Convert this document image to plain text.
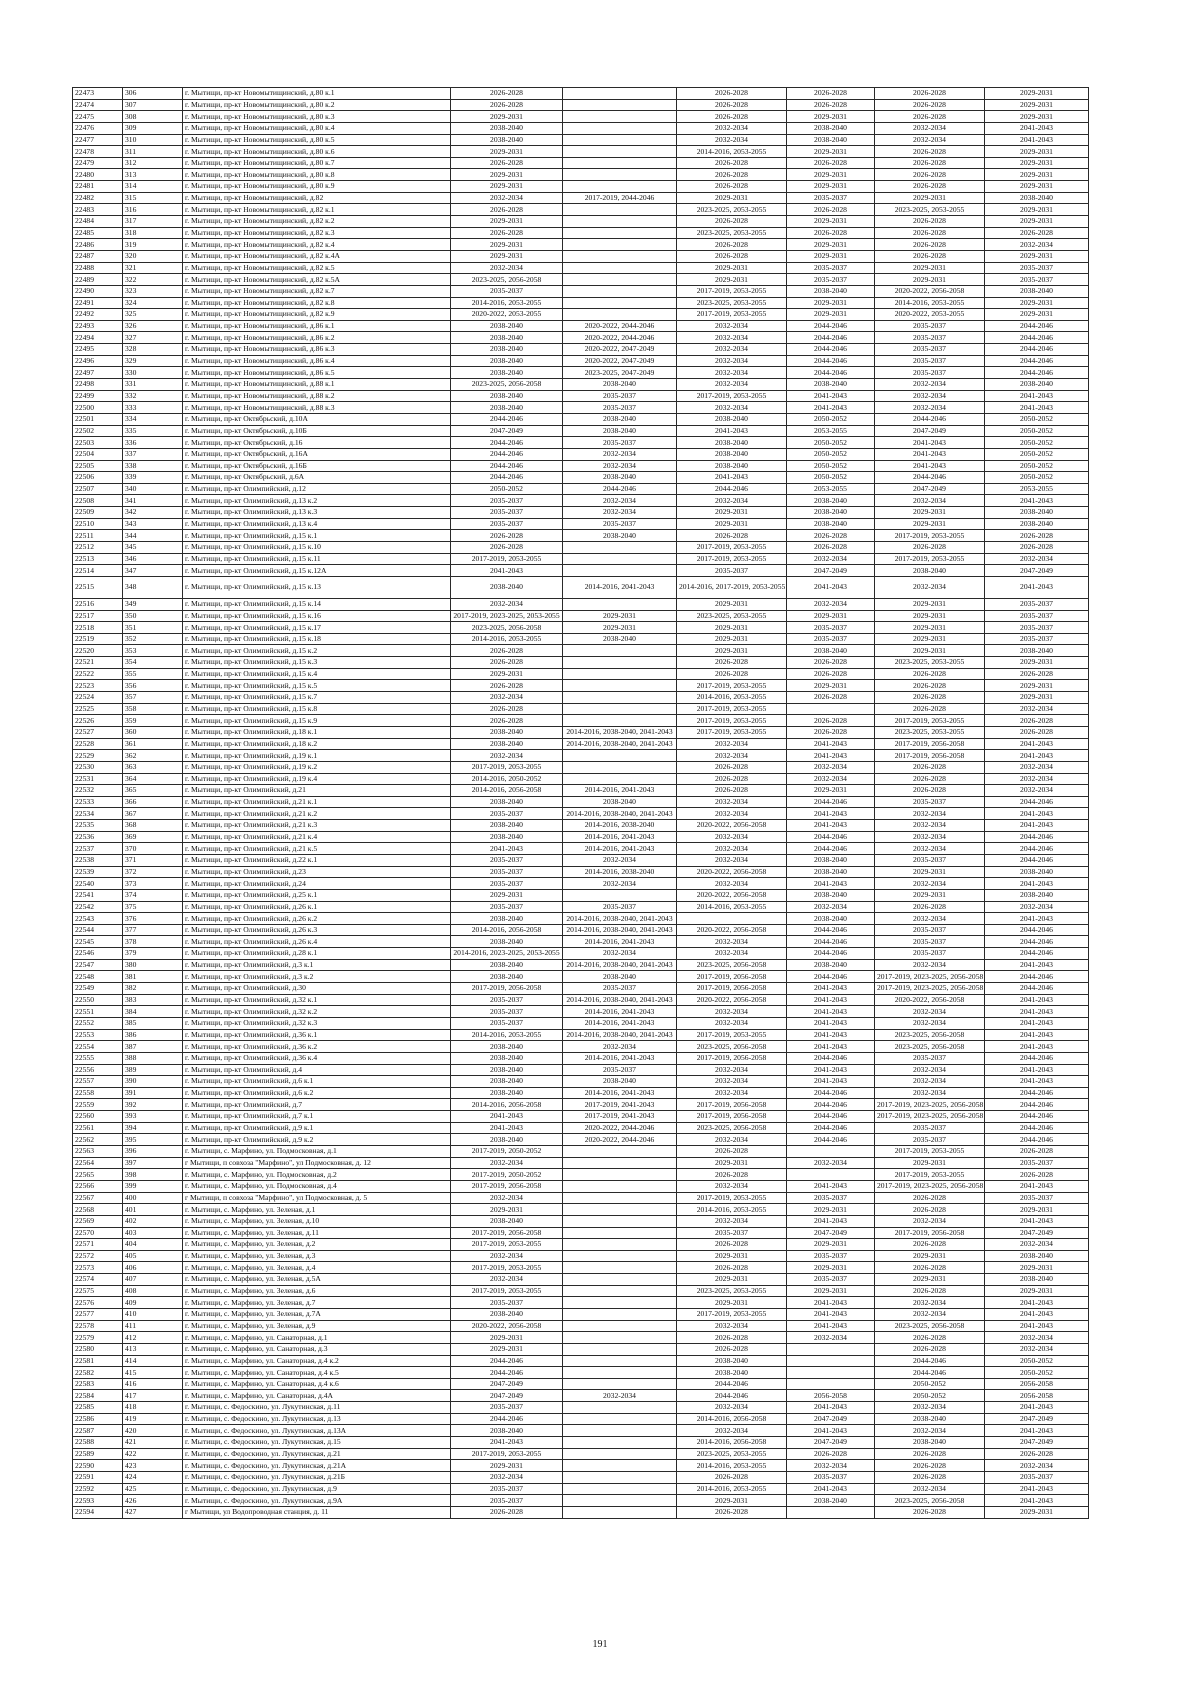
22473	306	г. Мытищи, пр-кт Новомытищинский, д.80 к.1	2026-2028		2026-2028	2026-2028	2026-2028	2029-2031
22474	307	г. Мытищи, пр-кт Новомытищинский, д.80 к.2	2026-2028		2026-2028	2026-2028	2026-2028	2029-2031
22475	308	г. Мытищи, пр-кт Новомытищинский, д.80 к.3	2029-2031		2026-2028	2029-2031	2026-2028	2029-2031
22476	309	г. Мытищи, пр-кт Новомытищинский, д.80 к.4	2038-2040		2032-2034	2038-2040	2032-2034	2041-2043
22477	310	г. Мытищи, пр-кт Новомытищинский, д.80 к.5	2038-2040		2032-2034	2038-2040	2032-2034	2041-2043
22478	311	г. Мытищи, пр-кт Новомытищинский, д.80 к.6	2029-2031		2014-2016, 2053-2055	2029-2031	2026-2028	2029-2031
22479	312	г. Мытищи, пр-кт Новомытищинский, д.80 к.7	2026-2028		2026-2028	2026-2028	2026-2028	2029-2031
22480	313	г. Мытищи, пр-кт Новомытищинский, д.80 к.8	2029-2031		2026-2028	2029-2031	2026-2028	2029-2031
22481	314	г. Мытищи, пр-кт Новомытищинский, д.80 к.9	2029-2031		2026-2028	2029-2031	2026-2028	2029-2031
22482	315	г. Мытищи, пр-кт Новомытищинский, д.82	2032-2034	2017-2019, 2044-2046	2029-2031	2035-2037	2029-2031	2038-2040
22483	316	г. Мытищи, пр-кт Новомытищинский, д.82 к.1	2026-2028		2023-2025, 2053-2055	2026-2028	2023-2025, 2053-2055	2029-2031
22484	317	г. Мытищи, пр-кт Новомытищинский, д.82 к.2	2029-2031		2026-2028	2029-2031	2026-2028	2029-2031
22485	318	г. Мытищи, пр-кт Новомытищинский, д.82 к.3	2026-2028		2023-2025, 2053-2055	2026-2028	2026-2028	2026-2028
22486	319	г. Мытищи, пр-кт Новомытищинский, д.82 к.4	2029-2031		2026-2028	2029-2031	2026-2028	2032-2034
22487	320	г. Мытищи, пр-кт Новомытищинский, д.82 к.4А	2029-2031		2026-2028	2029-2031	2026-2028	2029-2031
22488	321	г. Мытищи, пр-кт Новомытищинский, д.82 к.5	2032-2034		2029-2031	2035-2037	2029-2031	2035-2037
22489	322	г. Мытищи, пр-кт Новомытищинский, д.82 к.5А	2023-2025, 2056-2058		2029-2031	2035-2037	2029-2031	2035-2037
22490	323	г. Мытищи, пр-кт Новомытищинский, д.82 к.7	2035-2037		2017-2019, 2053-2055	2038-2040	2020-2022, 2056-2058	2038-2040
22491	324	г. Мытищи, пр-кт Новомытищинский, д.82 к.8	2014-2016, 2053-2055		2023-2025, 2053-2055	2029-2031	2014-2016, 2053-2055	2029-2031
22492	325	г. Мытищи, пр-кт Новомытищинский, д.82 к.9	2020-2022, 2053-2055		2017-2019, 2053-2055	2029-2031	2020-2022, 2053-2055	2029-2031
22493	326	г. Мытищи, пр-кт Новомытищинский, д.86 к.1	2038-2040	2020-2022, 2044-2046	2032-2034	2044-2046	2035-2037	2044-2046
22494	327	г. Мытищи, пр-кт Новомытищинский, д.86 к.2	2038-2040	2020-2022, 2044-2046	2032-2034	2044-2046	2035-2037	2044-2046
22495	328	г. Мытищи, пр-кт Новомытищинский, д.86 к.3	2038-2040	2020-2022, 2047-2049	2032-2034	2044-2046	2035-2037	2044-2046
22496	329	г. Мытищи, пр-кт Новомытищинский, д.86 к.4	2038-2040	2020-2022, 2047-2049	2032-2034	2044-2046	2035-2037	2044-2046
22497	330	г. Мытищи, пр-кт Новомытищинский, д.86 к.5	2038-2040	2023-2025, 2047-2049	2032-2034	2044-2046	2035-2037	2044-2046
22498	331	г. Мытищи, пр-кт Новомытищинский, д.88 к.1	2023-2025, 2056-2058	2038-2040	2032-2034	2038-2040	2032-2034	2038-2040
22499	332	г. Мытищи, пр-кт Новомытищинский, д.88 к.2	2038-2040	2035-2037	2017-2019, 2053-2055	2041-2043	2032-2034	2041-2043
22500	333	г. Мытищи, пр-кт Новомытищинский, д.88 к.3	2038-2040	2035-2037	2032-2034	2041-2043	2032-2034	2041-2043
22501	334	г. Мытищи, пр-кт Октябрьский, д.10А	2044-2046	2038-2040	2038-2040	2050-2052	2044-2046	2050-2052
22502	335	г. Мытищи, пр-кт Октябрьский, д.10Б	2047-2049	2038-2040	2041-2043	2053-2055	2047-2049	2050-2052
22503	336	г. Мытищи, пр-кт Октябрьский, д.16	2044-2046	2035-2037	2038-2040	2050-2052	2041-2043	2050-2052
22504	337	г. Мытищи, пр-кт Октябрьский, д.16А	2044-2046	2032-2034	2038-2040	2050-2052	2041-2043	2050-2052
22505	338	г. Мытищи, пр-кт Октябрьский, д.16Б	2044-2046	2032-2034	2038-2040	2050-2052	2041-2043	2050-2052
22506	339	г. Мытищи, пр-кт Октябрьский, д.6А	2044-2046	2038-2040	2041-2043	2050-2052	2044-2046	2050-2052
22507	340	г. Мытищи, пр-кт Олимпийский, д.12	2050-2052	2044-2046	2044-2046	2053-2055	2047-2049	2053-2055
22508	341	г. Мытищи, пр-кт Олимпийский, д.13 к.2	2035-2037	2032-2034	2032-2034	2038-2040	2032-2034	2041-2043
22509	342	г. Мытищи, пр-кт Олимпийский, д.13 к.3	2035-2037	2032-2034	2029-2031	2038-2040	2029-2031	2038-2040
22510	343	г. Мытищи, пр-кт Олимпийский, д.13 к.4	2035-2037	2035-2037	2029-2031	2038-2040	2029-2031	2038-2040
22511	344	г. Мытищи, пр-кт Олимпийский, д.15 к.1	2026-2028	2038-2040	2026-2028	2026-2028	2017-2019, 2053-2055	2026-2028
22512	345	г. Мытищи, пр-кт Олимпийский, д.15 к.10	2026-2028		2017-2019, 2053-2055	2026-2028	2026-2028	2026-2028
22513	346	г. Мытищи, пр-кт Олимпийский, д.15 к.11	2017-2019, 2053-2055		2017-2019, 2053-2055	2032-2034	2017-2019, 2053-2055	2032-2034
22514	347	г. Мытищи, пр-кт Олимпийский, д.15 к.12А	2041-2043		2035-2037	2047-2049	2038-2040	2047-2049
22515	348	г. Мытищи, пр-кт Олимпийский, д.15 к.13	2038-2040	2014-2016, 2041-2043	2014-2016, 2017-2019, 2053-2055	2041-2043	2032-2034	2041-2043
22516	349	г. Мытищи, пр-кт Олимпийский, д.15 к.14	2032-2034		2029-2031	2032-2034	2029-2031	2035-2037
22517	350	г. Мытищи, пр-кт Олимпийский, д.15 к.16	2017-2019, 2023-2025, 2053-2055	2029-2031	2023-2025, 2053-2055	2029-2031	2029-2031	2035-2037
22518	351	г. Мытищи, пр-кт Олимпийский, д.15 к.17	2023-2025, 2056-2058	2029-2031	2029-2031	2035-2037	2029-2031	2035-2037
22519	352	г. Мытищи, пр-кт Олимпийский, д.15 к.18	2014-2016, 2053-2055	2038-2040	2029-2031	2035-2037	2029-2031	2035-2037
22520	353	г. Мытищи, пр-кт Олимпийский, д.15 к.2	2026-2028		2029-2031	2038-2040	2029-2031	2038-2040
22521	354	г. Мытищи, пр-кт Олимпийский, д.15 к.3	2026-2028		2026-2028	2026-2028	2023-2025, 2053-2055	2029-2031
22522	355	г. Мытищи, пр-кт Олимпийский, д.15 к.4	2029-2031		2026-2028	2026-2028	2026-2028	2026-2028
22523	356	г. Мытищи, пр-кт Олимпийский, д.15 к.5	2026-2028		2017-2019, 2053-2055	2029-2031	2026-2028	2029-2031
22524	357	г. Мытищи, пр-кт Олимпийский, д.15 к.7	2032-2034		2014-2016, 2053-2055	2026-2028	2026-2028	2029-2031
22525	358	г. Мытищи, пр-кт Олимпийский, д.15 к.8	2026-2028		2017-2019, 2053-2055		2026-2028	2032-2034
22526	359	г. Мытищи, пр-кт Олимпийский, д.15 к.9	2026-2028		2017-2019, 2053-2055	2026-2028	2017-2019, 2053-2055	2026-2028
22527	360	г. Мытищи, пр-кт Олимпийский, д.18 к.1	2038-2040	2014-2016, 2038-2040, 2041-2043	2017-2019, 2053-2055	2026-2028	2023-2025, 2053-2055	2026-2028
22528	361	г. Мытищи, пр-кт Олимпийский, д.18 к.2	2038-2040	2014-2016, 2038-2040, 2041-2043	2032-2034	2041-2043	2017-2019, 2056-2058	2041-2043
22529	362	г. Мытищи, пр-кт Олимпийский, д.19 к.1	2032-2034		2032-2034	2041-2043	2017-2019, 2056-2058	2041-2043
22530	363	г. Мытищи, пр-кт Олимпийский, д.19 к.2	2017-2019, 2053-2055		2026-2028	2032-2034	2026-2028	2032-2034
22531	364	г. Мытищи, пр-кт Олимпийский, д.19 к.4	2014-2016, 2050-2052		2026-2028	2032-2034	2026-2028	2032-2034
22532	365	г. Мытищи, пр-кт Олимпийский, д.21	2014-2016, 2056-2058	2014-2016, 2041-2043	2026-2028	2029-2031	2026-2028	2032-2034
22533	366	г. Мытищи, пр-кт Олимпийский, д.21 к.1	2038-2040	2038-2040	2032-2034	2044-2046	2035-2037	2044-2046
22534	367	г. Мытищи, пр-кт Олимпийский, д.21 к.2	2035-2037	2014-2016, 2038-2040, 2041-2043	2032-2034	2041-2043	2032-2034	2041-2043
22535	368	г. Мытищи, пр-кт Олимпийский, д.21 к.3	2038-2040	2014-2016, 2038-2040	2020-2022, 2056-2058	2041-2043	2032-2034	2041-2043
22536	369	г. Мытищи, пр-кт Олимпийский, д.21 к.4	2038-2040	2014-2016, 2041-2043	2032-2034	2044-2046	2032-2034	2044-2046
22537	370	г. Мытищи, пр-кт Олимпийский, д.21 к.5	2041-2043	2014-2016, 2041-2043	2032-2034	2044-2046	2032-2034	2044-2046
22538	371	г. Мытищи, пр-кт Олимпийский, д.22 к.1	2035-2037	2032-2034	2032-2034	2038-2040	2035-2037	2044-2046
22539	372	г. Мытищи, пр-кт Олимпийский, д.23	2035-2037	2014-2016, 2038-2040	2020-2022, 2056-2058	2038-2040	2029-2031	2038-2040
22540	373	г. Мытищи, пр-кт Олимпийский, д.24	2035-2037	2032-2034	2032-2034	2041-2043	2032-2034	2041-2043
22541	374	г. Мытищи, пр-кт Олимпийский, д.25 к.1	2029-2031		2020-2022, 2056-2058	2038-2040	2029-2031	2038-2040
22542	375	г. Мытищи, пр-кт Олимпийский, д.26 к.1	2035-2037	2035-2037	2014-2016, 2053-2055	2032-2034	2026-2028	2032-2034
22543	376	г. Мытищи, пр-кт Олимпийский, д.26 к.2	2038-2040	2014-2016, 2038-2040, 2041-2043		2038-2040	2032-2034	2041-2043
22544	377	г. Мытищи, пр-кт Олимпийский, д.26 к.3	2014-2016, 2056-2058	2014-2016, 2038-2040, 2041-2043	2020-2022, 2056-2058	2044-2046	2035-2037	2044-2046
22545	378	г. Мытищи, пр-кт Олимпийский, д.26 к.4	2038-2040	2014-2016, 2041-2043	2032-2034	2044-2046	2035-2037	2044-2046
22546	379	г. Мытищи, пр-кт Олимпийский, д.28 к.1	2014-2016, 2023-2025, 2053-2055	2032-2034	2032-2034	2044-2046	2035-2037	2044-2046
22547	380	г. Мытищи, пр-кт Олимпийский, д.3 к.1	2038-2040	2014-2016, 2038-2040, 2041-2043	2023-2025, 2056-2058	2038-2040	2032-2034	2041-2043
22548	381	г. Мытищи, пр-кт Олимпийский, д.3 к.2	2038-2040	2038-2040	2017-2019, 2056-2058	2044-2046	2017-2019, 2023-2025, 2056-2058	2044-2046
22549	382	г. Мытищи, пр-кт Олимпийский, д.30	2017-2019, 2056-2058	2035-2037	2017-2019, 2056-2058	2041-2043	2017-2019, 2023-2025, 2056-2058	2044-2046
22550	383	г. Мытищи, пр-кт Олимпийский, д.32 к.1	2035-2037	2014-2016, 2038-2040, 2041-2043	2020-2022, 2056-2058	2041-2043	2020-2022, 2056-2058	2041-2043
22551	384	г. Мытищи, пр-кт Олимпийский, д.32 к.2	2035-2037	2014-2016, 2041-2043	2032-2034	2041-2043	2032-2034	2041-2043
22552	385	г. Мытищи, пр-кт Олимпийский, д.32 к.3	2035-2037	2014-2016, 2041-2043	2032-2034	2041-2043	2032-2034	2041-2043
22553	386	г. Мытищи, пр-кт Олимпийский, д.36 к.1	2014-2016, 2053-2055	2014-2016, 2038-2040, 2041-2043	2017-2019, 2053-2055	2041-2043	2023-2025, 2056-2058	2041-2043
22554	387	г. Мытищи, пр-кт Олимпийский, д.36 к.2	2038-2040	2032-2034	2023-2025, 2056-2058	2041-2043	2023-2025, 2056-2058	2041-2043
22555	388	г. Мытищи, пр-кт Олимпийский, д.36 к.4	2038-2040	2014-2016, 2041-2043	2017-2019, 2056-2058	2044-2046	2035-2037	2044-2046
22556	389	г. Мытищи, пр-кт Олимпийский, д.4	2038-2040	2035-2037	2032-2034	2041-2043	2032-2034	2041-2043
22557	390	г. Мытищи, пр-кт Олимпийский, д.6 к.1	2038-2040	2038-2040	2032-2034	2041-2043	2032-2034	2041-2043
22558	391	г. Мытищи, пр-кт Олимпийский, д.6 к.2	2038-2040	2014-2016, 2041-2043	2032-2034	2044-2046	2032-2034	2044-2046
22559	392	г. Мытищи, пр-кт Олимпийский, д.7	2014-2016, 2056-2058	2017-2019, 2041-2043	2017-2019, 2056-2058	2044-2046	2017-2019, 2023-2025, 2056-2058	2044-2046
22560	393	г. Мытищи, пр-кт Олимпийский, д.7 к.1	2041-2043	2017-2019, 2041-2043	2017-2019, 2056-2058	2044-2046	2017-2019, 2023-2025, 2056-2058	2044-2046
22561	394	г. Мытищи, пр-кт Олимпийский, д.9 к.1	2041-2043	2020-2022, 2044-2046	2023-2025, 2056-2058	2044-2046	2035-2037	2044-2046
22562	395	г. Мытищи, пр-кт Олимпийский, д.9 к.2	2038-2040	2020-2022, 2044-2046	2032-2034	2044-2046	2035-2037	2044-2046
22563	396	г. Мытищи, с. Марфино, ул. Подмосковная, д.1	2017-2019, 2050-2052		2026-2028		2017-2019, 2053-2055	2026-2028
22564	397	г Мытищи, п совхоза "Марфино", ул Подмосковная, д. 12	2032-2034		2029-2031	2032-2034	2029-2031	2035-2037
22565	398	г. Мытищи, с. Марфино, ул. Подмосковная, д.2	2017-2019, 2050-2052		2026-2028		2017-2019, 2053-2055	2026-2028
22566	399	г. Мытищи, с. Марфино, ул. Подмосковная, д.4	2017-2019, 2056-2058		2032-2034	2041-2043	2017-2019, 2023-2025, 2056-2058	2041-2043
22567	400	г Мытищи, п совхоза "Марфино", ул Подмосковная, д. 5	2032-2034		2017-2019, 2053-2055	2035-2037	2026-2028	2035-2037
22568	401	г. Мытищи, с. Марфино, ул. Зеленая, д.1	2029-2031		2014-2016, 2053-2055	2029-2031	2026-2028	2029-2031
22569	402	г. Мытищи, с. Марфино, ул. Зеленая, д.10	2038-2040		2032-2034	2041-2043	2032-2034	2041-2043
22570	403	г. Мытищи, с. Марфино, ул. Зеленая, д.11	2017-2019, 2056-2058		2035-2037	2047-2049	2017-2019, 2056-2058	2047-2049
22571	404	г. Мытищи, с. Марфино, ул. Зеленая, д.2	2017-2019, 2053-2055		2026-2028	2029-2031	2026-2028	2032-2034
22572	405	г. Мытищи, с. Марфино, ул. Зеленая, д.3	2032-2034		2029-2031	2035-2037	2029-2031	2038-2040
22573	406	г. Мытищи, с. Марфино, ул. Зеленая, д.4	2017-2019, 2053-2055		2026-2028	2029-2031	2026-2028	2029-2031
22574	407	г. Мытищи, с. Марфино, ул. Зеленая, д.5А	2032-2034		2029-2031	2035-2037	2029-2031	2038-2040
22575	408	г. Мытищи, с. Марфино, ул. Зеленая, д.6	2017-2019, 2053-2055		2023-2025, 2053-2055	2029-2031	2026-2028	2029-2031
22576	409	г. Мытищи, с. Марфино, ул. Зеленая, д.7	2035-2037		2029-2031	2041-2043	2032-2034	2041-2043
22577	410	г. Мытищи, с. Марфино, ул. Зеленая, д.7А	2038-2040		2017-2019, 2053-2055	2041-2043	2032-2034	2041-2043
22578	411	г. Мытищи, с. Марфино, ул. Зеленая, д.9	2020-2022, 2056-2058		2032-2034	2041-2043	2023-2025, 2056-2058	2041-2043
22579	412	г. Мытищи, с. Марфино, ул. Санаторная, д.1	2029-2031		2026-2028	2032-2034	2026-2028	2032-2034
22580	413	г. Мытищи, с. Марфино, ул. Санаторная, д.3	2029-2031		2026-2028		2026-2028	2032-2034
22581	414	г. Мытищи, с. Марфино, ул. Санаторная, д.4 к.2	2044-2046		2038-2040		2044-2046	2050-2052
22582	415	г. Мытищи, с. Марфино, ул. Санаторная, д.4 к.5	2044-2046		2038-2040		2044-2046	2050-2052
22583	416	г. Мытищи, с. Марфино, ул. Санаторная, д.4 к.6	2047-2049		2044-2046		2050-2052	2056-2058
22584	417	г. Мытищи, с. Марфино, ул. Санаторная, д.4А	2047-2049	2032-2034	2044-2046	2056-2058	2050-2052	2056-2058
22585	418	г. Мытищи, с. Федоскино, ул. Лукутинская, д.11	2035-2037		2032-2034	2041-2043	2032-2034	2041-2043
22586	419	г. Мытищи, с. Федоскино, ул. Лукутинская, д.13	2044-2046		2014-2016, 2056-2058	2047-2049	2038-2040	2047-2049
22587	420	г. Мытищи, с. Федоскино, ул. Лукутинская, д.13А	2038-2040		2032-2034	2041-2043	2032-2034	2041-2043
22588	421	г. Мытищи, с. Федоскино, ул. Лукутинская, д.15	2041-2043		2014-2016, 2056-2058	2047-2049	2038-2040	2047-2049
22589	422	г. Мытищи, с. Федоскино, ул. Лукутинская, д.21	2017-2019, 2053-2055		2023-2025, 2053-2055	2026-2028	2026-2028	2026-2028
22590	423	г. Мытищи, с. Федоскино, ул. Лукутинская, д.21А	2029-2031		2014-2016, 2053-2055	2032-2034	2026-2028	2032-2034
22591	424	г. Мытищи, с. Федоскино, ул. Лукутинская, д.21Б	2032-2034		2026-2028	2035-2037	2026-2028	2035-2037
22592	425	г. Мытищи, с. Федоскино, ул. Лукутинская, д.9	2035-2037		2014-2016, 2053-2055	2041-2043	2032-2034	2041-2043
22593	426	г. Мытищи, с. Федоскино, ул. Лукутинская, д.9А	2035-2037		2029-2031	2038-2040	2023-2025, 2056-2058	2041-2043
22594	427	г Мытищи, ул Водопроводная станция, д. 11	2026-2028		2026-2028		2026-2028	2029-2031
191
